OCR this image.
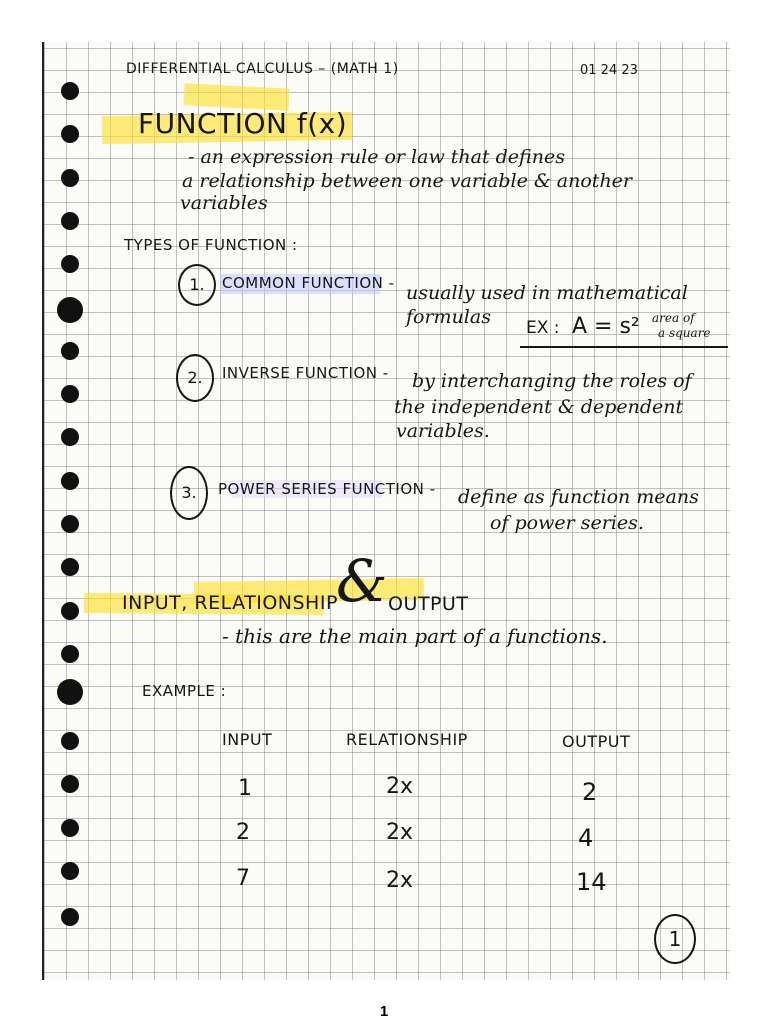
DIFFERENTIAL CALCULUS – (MATH 1)	01 24 23
FUNCTION f(x)
- an expression rule or law that defines
a relationship between one variable & another
variables
TYPES OF FUNCTION :
1.	COMMON FUNCTION - usually used in mathematical
formulas EX : A = s² area of
a square
2.	INVERSE FUNCTION - by interchanging the roles of
the independent & dependent
variables.
3.	POWER SERIES FUNCTION - define as function means
of power series.
INPUT, RELATIONSHIP
& OUTPUT
- this are the main part of a functions.
EXAMPLE :
INPUT	RELATIONSHIP	OUTPUT
1	2x	2
2	2x	4
7	2x	14
1
1
